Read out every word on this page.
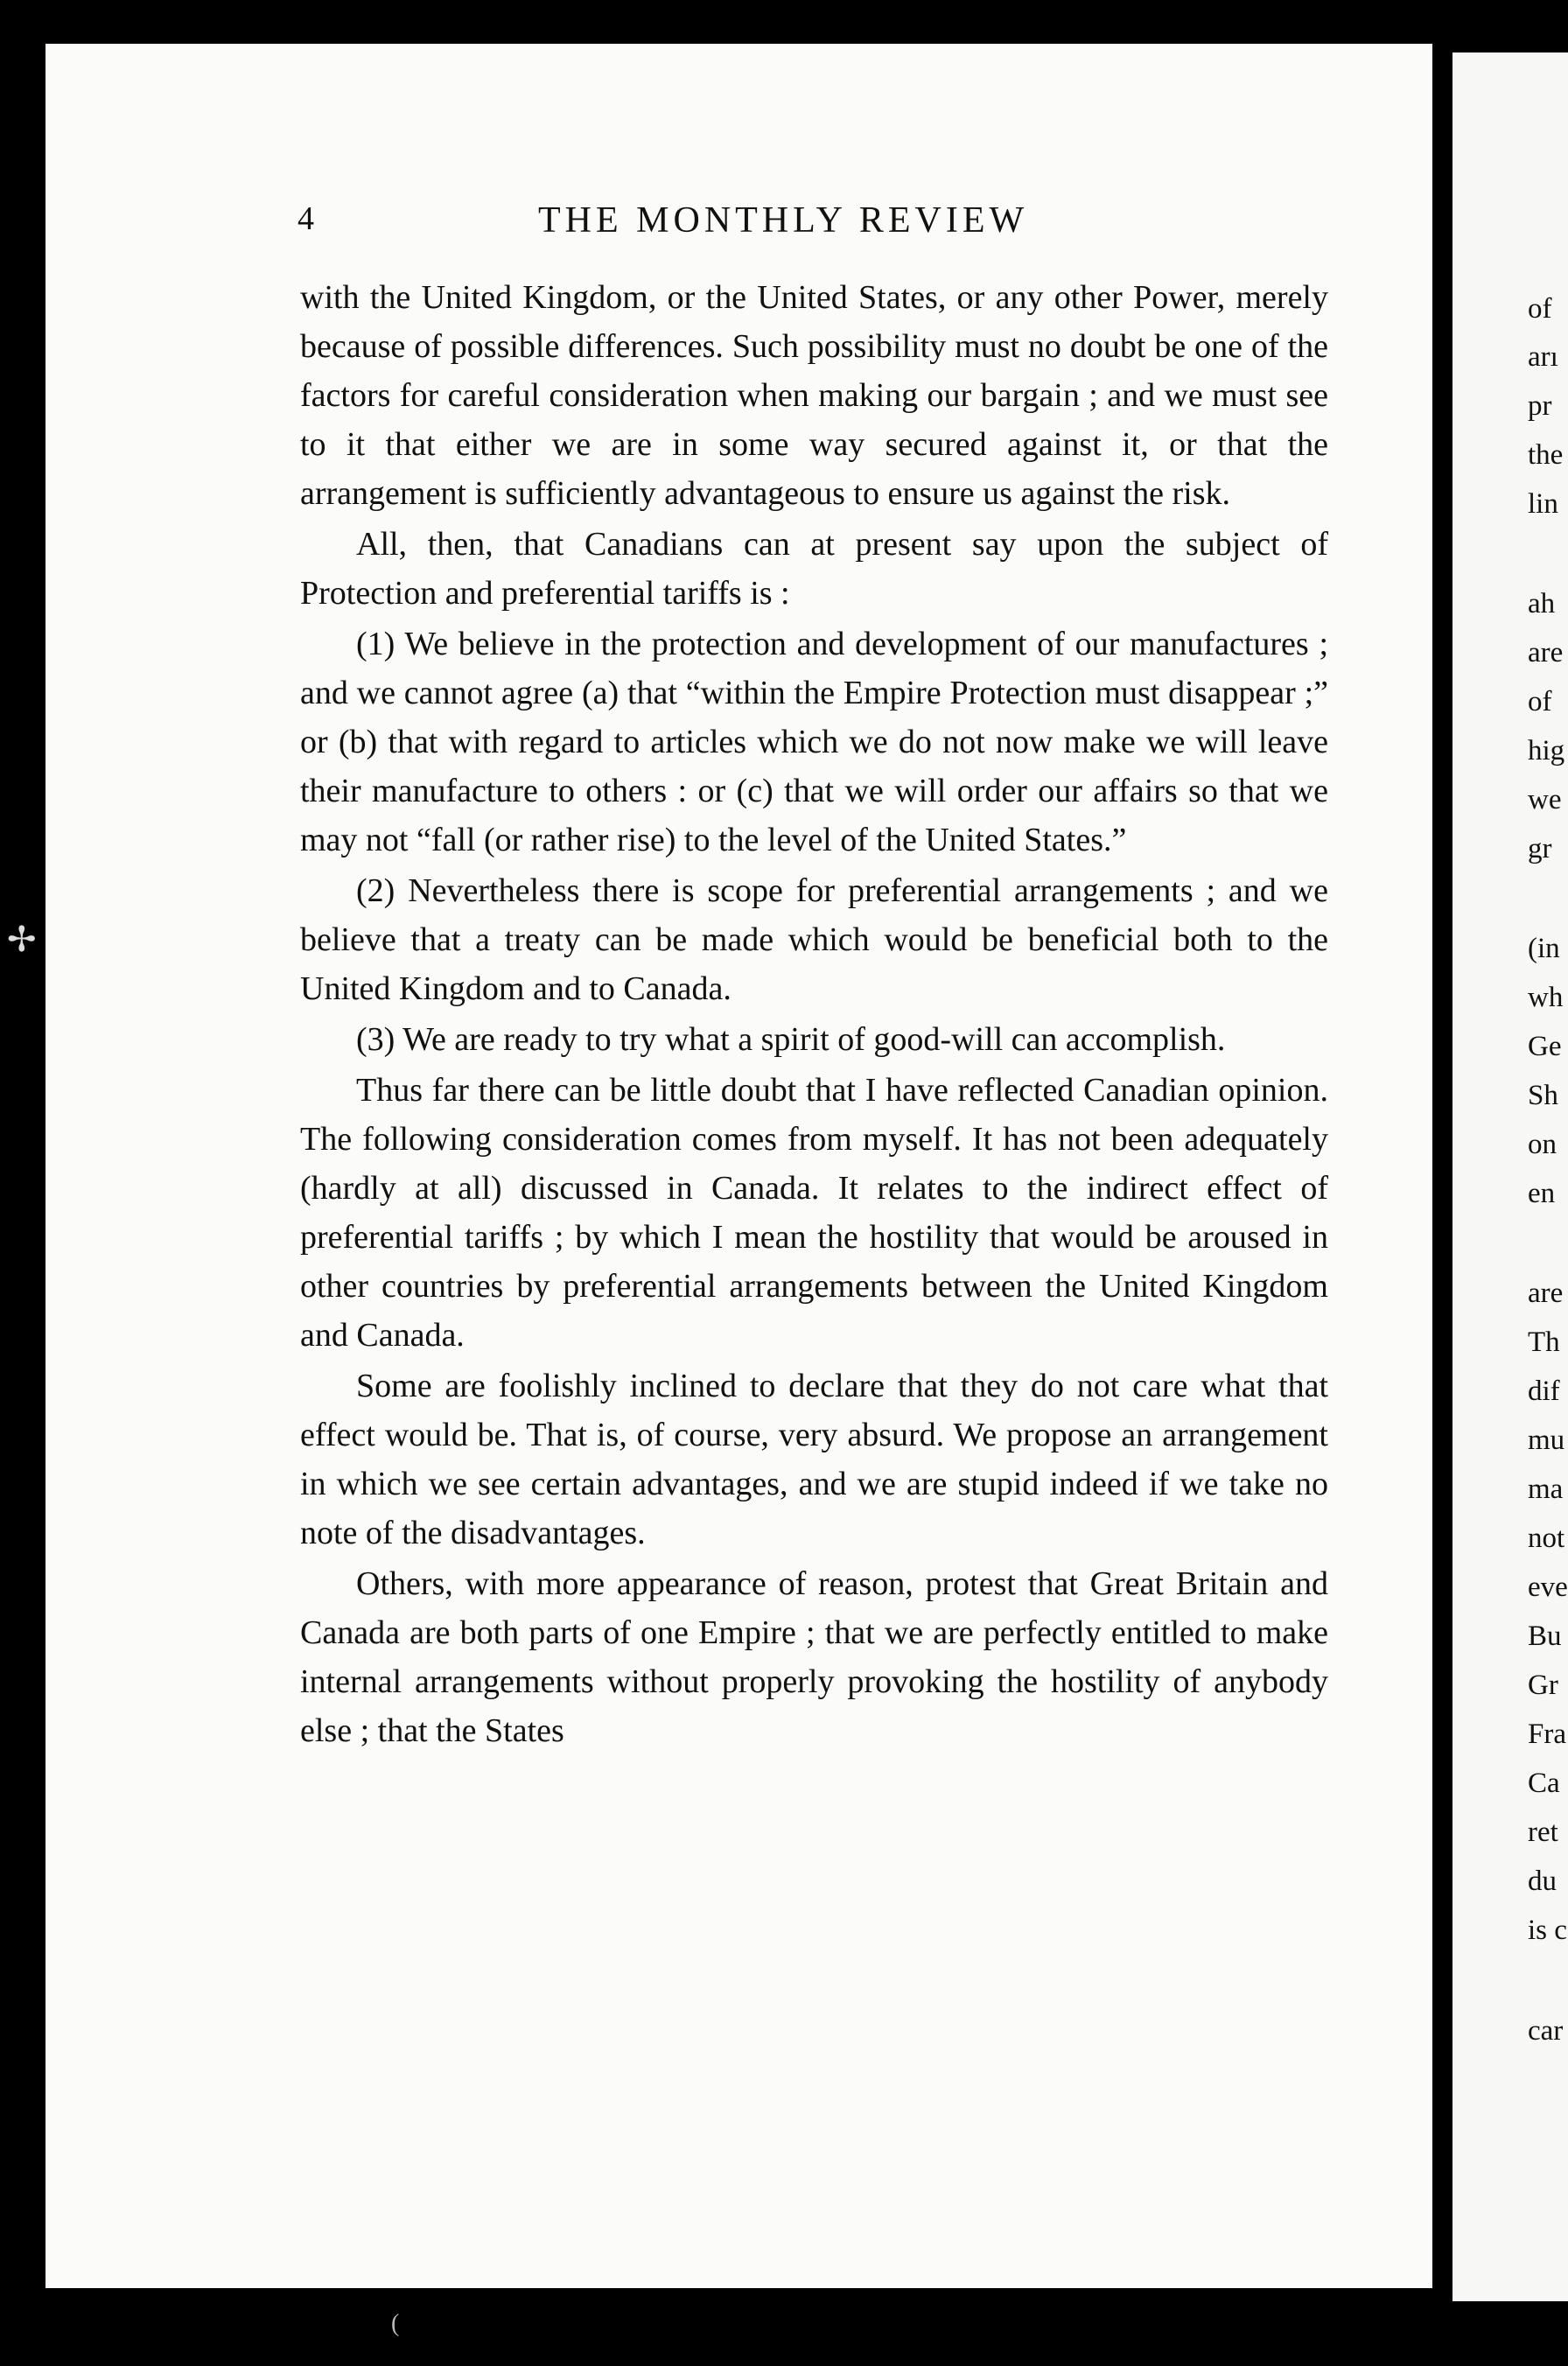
of
arı
pr
the
lin
ah
are
of
hig
we
gr
(in
wh
Ge
Sh
on
en
are
Th
dif
mu
ma
not
eve
Bu
Gr
Fra
Ca
ret
du
is c
car
✢
(
4	THE MONTHLY REVIEW

with the United Kingdom, or the United States, or any other Power, merely because of possible differences. Such possibility must no doubt be one of the factors for careful consideration when making our bargain ; and we must see to it that either we are in some way secured against it, or that the arrangement is sufficiently advantageous to ensure us against the risk.

All, then, that Canadians can at present say upon the subject of Protection and preferential tariffs is :

(1) We believe in the protection and development of our manufactures ; and we cannot agree (a) that “within the Empire Protection must disappear ;” or (b) that with regard to articles which we do not now make we will leave their manufacture to others : or (c) that we will order our affairs so that we may not “fall (or rather rise) to the level of the United States.”

(2) Nevertheless there is scope for preferential arrangements ; and we believe that a treaty can be made which would be beneficial both to the United Kingdom and to Canada.

(3) We are ready to try what a spirit of good-will can accomplish.

Thus far there can be little doubt that I have reflected Canadian opinion. The following consideration comes from myself. It has not been adequately (hardly at all) discussed in Canada. It relates to the indirect effect of preferential tariffs ; by which I mean the hostility that would be aroused in other countries by preferential arrangements between the United Kingdom and Canada.

Some are foolishly inclined to declare that they do not care what that effect would be. That is, of course, very absurd. We propose an arrangement in which we see certain advantages, and we are stupid indeed if we take no note of the disadvantages.

Others, with more appearance of reason, protest that Great Britain and Canada are both parts of one Empire ; that we are perfectly entitled to make internal arrangements without properly provoking the hostility of anybody else ; that the States
